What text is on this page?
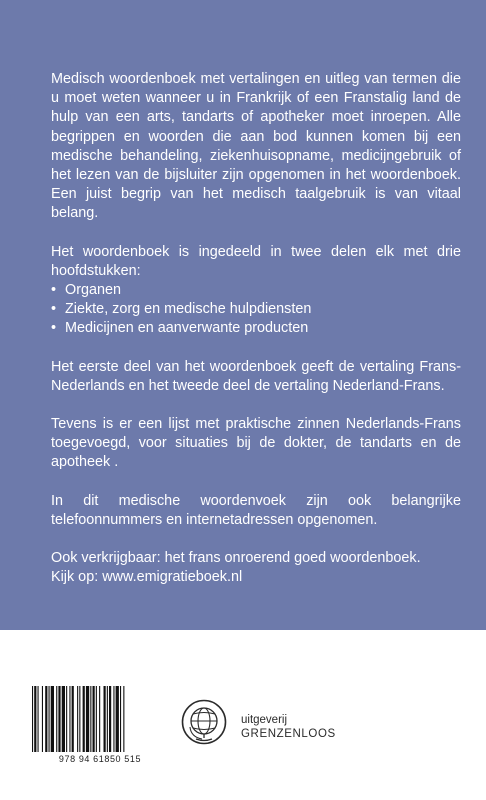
Medisch woordenboek met vertalingen en uitleg van termen die u moet weten wanneer u in Frankrijk of een Franstalig land de hulp van een arts, tandarts of apotheker moet inroepen. Alle begrippen en woorden die aan bod kunnen komen bij een medische behandeling, ziekenhuisopname, medicijngebruik of het lezen van de bijsluiter zijn opgenomen in het woordenboek. Een juist begrip van het medisch taalgebruik is van vitaal belang.

Het woordenboek is ingedeeld in twee delen elk met drie hoofdstukken:

• Organen
• Ziekte, zorg en medische hulpdiensten
• Medicijnen en aanverwante producten

Het eerste deel van het woordenboek geeft de vertaling Frans-Nederlands en het tweede deel de vertaling Nederland-Frans.

Tevens is er een lijst met praktische zinnen Nederlands-Frans toegevoegd, voor situaties bij de dokter, de tandarts en de apotheek .

In dit medische woordenvoek zijn ook belangrijke telefoonnummers en internetadressen opgenomen.

Ook verkrijgbaar: het frans onroerend goed woordenboek.
Kijk op: www.emigratieboek.nl

978 94 61850 515
uitgeverij
GRENZENLOOS
